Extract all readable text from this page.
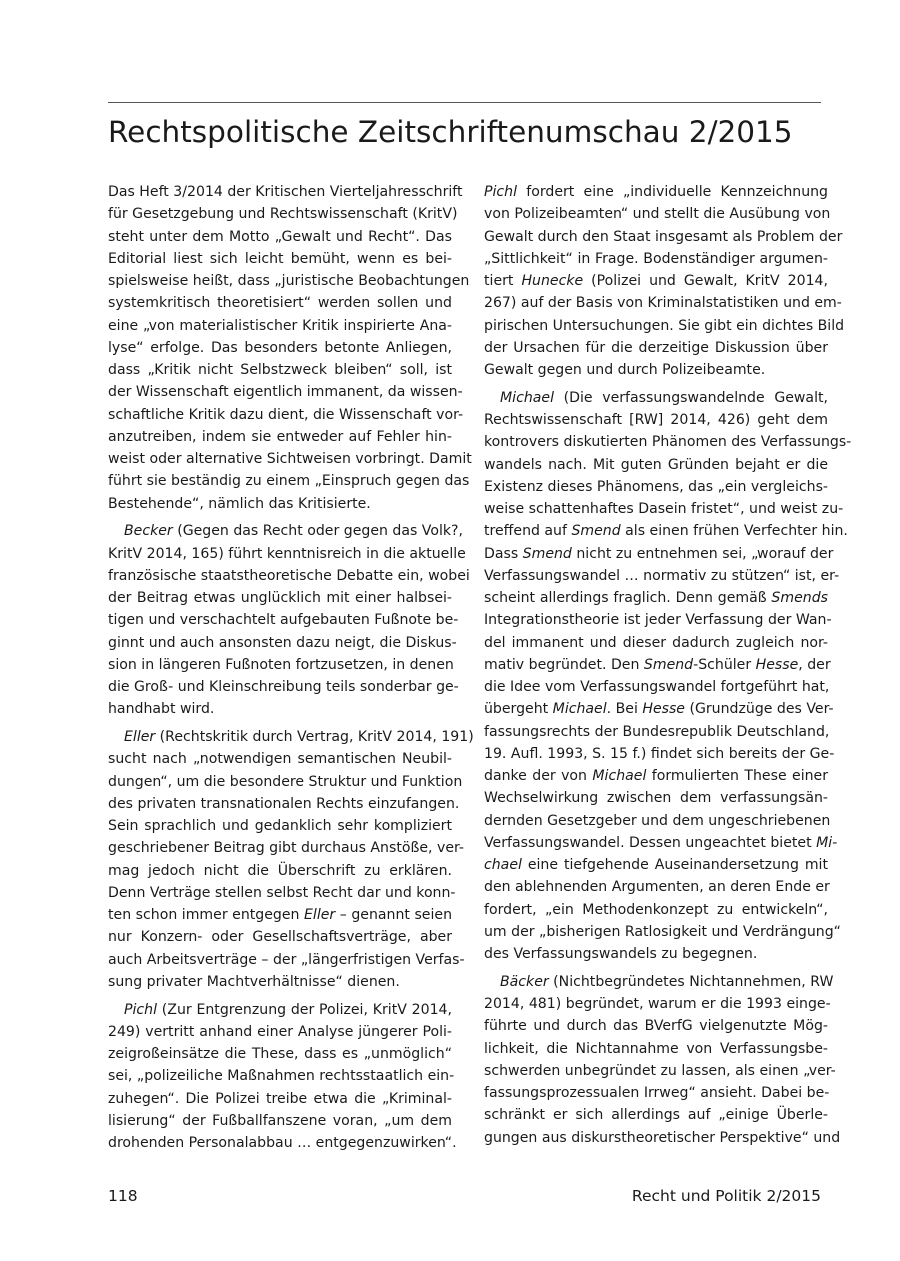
Rechtspolitische Zeitschriftenumschau 2/2015
Das Heft 3/2014 der Kritischen Vierteljahresschrift
für Gesetzgebung und Rechtswissenschaft (KritV)
steht unter dem Motto „Gewalt und Recht“. Das
Editorial liest sich leicht bemüht, wenn es bei-
spielsweise heißt, dass „juristische Beobachtungen
systemkritisch theoretisiert“ werden sollen und
eine „von materialistischer Kritik inspirierte Ana-
lyse“ erfolge. Das besonders betonte Anliegen,
dass „Kritik nicht Selbstzweck bleiben“ soll, ist
der Wissenschaft eigentlich immanent, da wissen-
schaftliche Kritik dazu dient, die Wissenschaft vor-
anzutreiben, indem sie entweder auf Fehler hin-
weist oder alternative Sichtweisen vorbringt. Damit
führt sie beständig zu einem „Einspruch gegen das
Bestehende“, nämlich das Kritisierte.
Becker (Gegen das Recht oder gegen das Volk?,
KritV 2014, 165) führt kenntnisreich in die aktuelle
französische staatstheoretische Debatte ein, wobei
der Beitrag etwas unglücklich mit einer halbsei-
tigen und verschachtelt aufgebauten Fußnote be-
ginnt und auch ansonsten dazu neigt, die Diskus-
sion in längeren Fußnoten fortzusetzen, in denen
die Groß- und Kleinschreibung teils sonderbar ge-
handhabt wird.
Eller (Rechtskritik durch Vertrag, KritV 2014, 191)
sucht nach „notwendigen semantischen Neubil-
dungen“, um die besondere Struktur und Funktion
des privaten transnationalen Rechts einzufangen.
Sein sprachlich und gedanklich sehr kompliziert
geschriebener Beitrag gibt durchaus Anstöße, ver-
mag jedoch nicht die Überschrift zu erklären.
Denn Verträge stellen selbst Recht dar und konn-
ten schon immer entgegen Eller – genannt seien
nur Konzern- oder Gesellschaftsverträge, aber
auch Arbeitsverträge – der „längerfristigen Verfas-
sung privater Machtverhältnisse“ dienen.
Pichl (Zur Entgrenzung der Polizei, KritV 2014,
249) vertritt anhand einer Analyse jüngerer Poli-
zeigroßeinsätze die These, dass es „unmöglich“
sei, „polizeiliche Maßnahmen rechtsstaatlich ein-
zuhegen“. Die Polizei treibe etwa die „Kriminal-
lisierung“ der Fußballfanszene voran, „um dem
drohenden Personalabbau … entgegenzuwirken“.
Pichl fordert eine „individuelle Kennzeichnung
von Polizeibeamten“ und stellt die Ausübung von
Gewalt durch den Staat insgesamt als Problem der
„Sittlichkeit“ in Frage. Bodenständiger argumen-
tiert Hunecke (Polizei und Gewalt, KritV 2014,
267) auf der Basis von Kriminalstatistiken und em-
pirischen Untersuchungen. Sie gibt ein dichtes Bild
der Ursachen für die derzeitige Diskussion über
Gewalt gegen und durch Polizeibeamte.
Michael (Die verfassungswandelnde Gewalt,
Rechtswissenschaft [RW] 2014, 426) geht dem
kontrovers diskutierten Phänomen des Verfassungs-
wandels nach. Mit guten Gründen bejaht er die
Existenz dieses Phänomens, das „ein vergleichs-
weise schattenhaftes Dasein fristet“, und weist zu-
treffend auf Smend als einen frühen Verfechter hin.
Dass Smend nicht zu entnehmen sei, „worauf der
Verfassungswandel … normativ zu stützen“ ist, er-
scheint allerdings fraglich. Denn gemäß Smends
Integrationstheorie ist jeder Verfassung der Wan-
del immanent und dieser dadurch zugleich nor-
mativ begründet. Den Smend-Schüler Hesse, der
die Idee vom Verfassungswandel fortgeführt hat,
übergeht Michael. Bei Hesse (Grundzüge des Ver-
fassungsrechts der Bundesrepublik Deutschland,
19. Aufl. 1993, S. 15 f.) findet sich bereits der Ge-
danke der von Michael formulierten These einer
Wechselwirkung zwischen dem verfassungsän-
dernden Gesetzgeber und dem ungeschriebenen
Verfassungswandel. Dessen ungeachtet bietet Mi-
chael eine tiefgehende Auseinandersetzung mit
den ablehnenden Argumenten, an deren Ende er
fordert, „ein Methodenkonzept zu entwickeln“,
um der „bisherigen Ratlosigkeit und Verdrängung“
des Verfassungswandels zu begegnen.
Bäcker (Nichtbegründetes Nichtannehmen, RW
2014, 481) begründet, warum er die 1993 einge-
führte und durch das BVerfG vielgenutzte Mög-
lichkeit, die Nichtannahme von Verfassungsbe-
schwerden unbegründet zu lassen, als einen „ver-
fassungsprozessualen Irrweg“ ansieht. Dabei be-
schränkt er sich allerdings auf „einige Überle-
gungen aus diskurstheoretischer Perspektive“ und
118	Recht und Politik 2/2015
